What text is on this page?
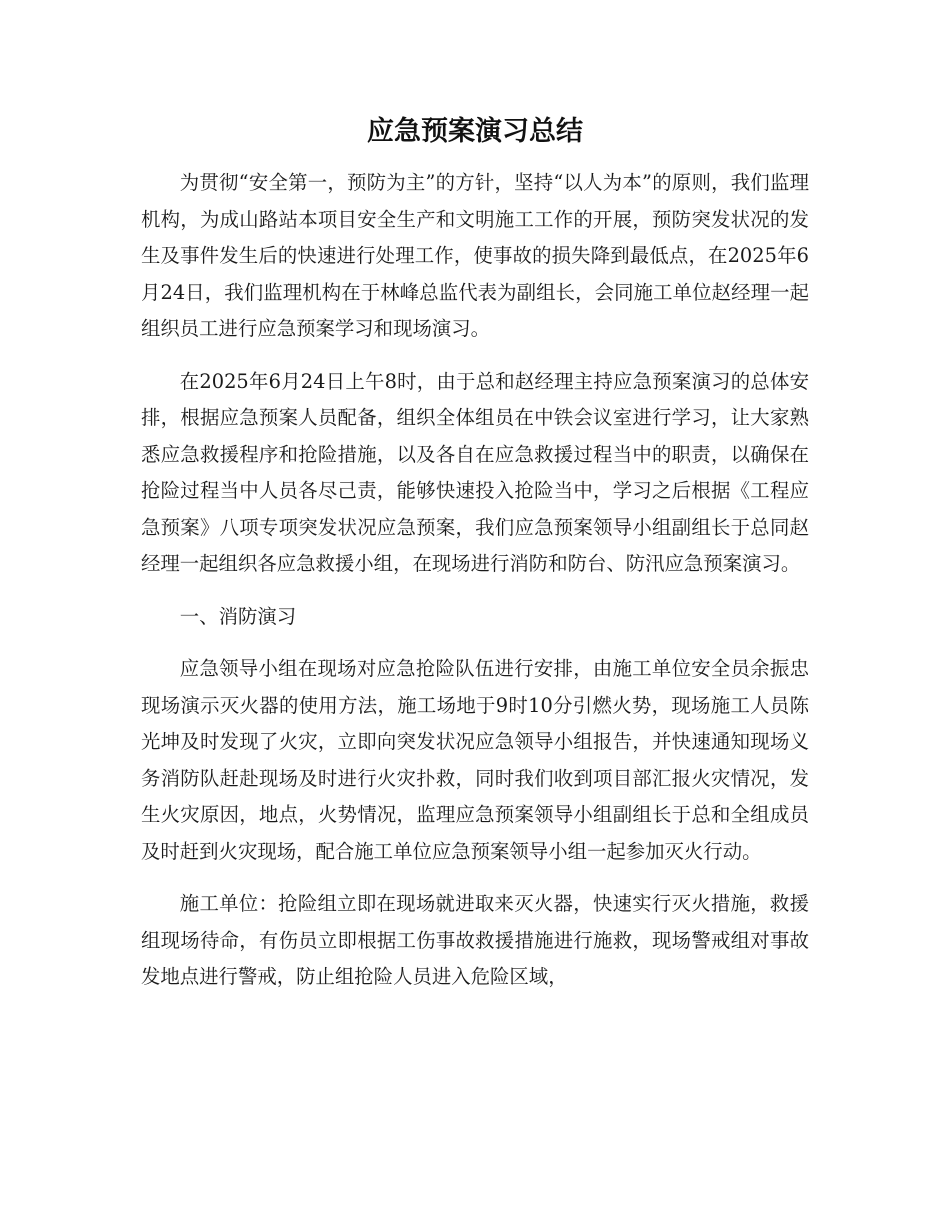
应急预案演习总结

为贯彻“安全第一，预防为主”的方针，坚持“以人为本”的原则，我们监理机构，为成山路站本项目安全生产和文明施工工作的开展，预防突发状况的发生及事件发生后的快速进行处理工作，使事故的损失降到最低点，在2025年6月24日，我们监理机构在于林峰总监代表为副组长，会同施工单位赵经理一起组织员工进行应急预案学习和现场演习。

在2025年6月24日上午8时，由于总和赵经理主持应急预案演习的总体安排，根据应急预案人员配备，组织全体组员在中铁会议室进行学习，让大家熟悉应急救援程序和抢险措施，以及各自在应急救援过程当中的职责，以确保在抢险过程当中人员各尽己责，能够快速投入抢险当中，学习之后根据《工程应急预案》八项专项突发状况应急预案，我们应急预案领导小组副组长于总同赵经理一起组织各应急救援小组，在现场进行消防和防台、防汛应急预案演习。

一、消防演习

应急领导小组在现场对应急抢险队伍进行安排，由施工单位安全员余振忠现场演示灭火器的使用方法，施工场地于9时10分引燃火势，现场施工人员陈光坤及时发现了火灾，立即向突发状况应急领导小组报告，并快速通知现场义务消防队赶赴现场及时进行火灾扑救，同时我们收到项目部汇报火灾情况，发生火灾原因，地点，火势情况，监理应急预案领导小组副组长于总和全组成员及时赶到火灾现场，配合施工单位应急预案领导小组一起参加灭火行动。

施工单位：抢险组立即在现场就进取来灭火器，快速实行灭火措施，救援组现场待命，有伤员立即根据工伤事故救援措施进行施救，现场警戒组对事故发地点进行警戒，防止组抢险人员进入危险区域，
